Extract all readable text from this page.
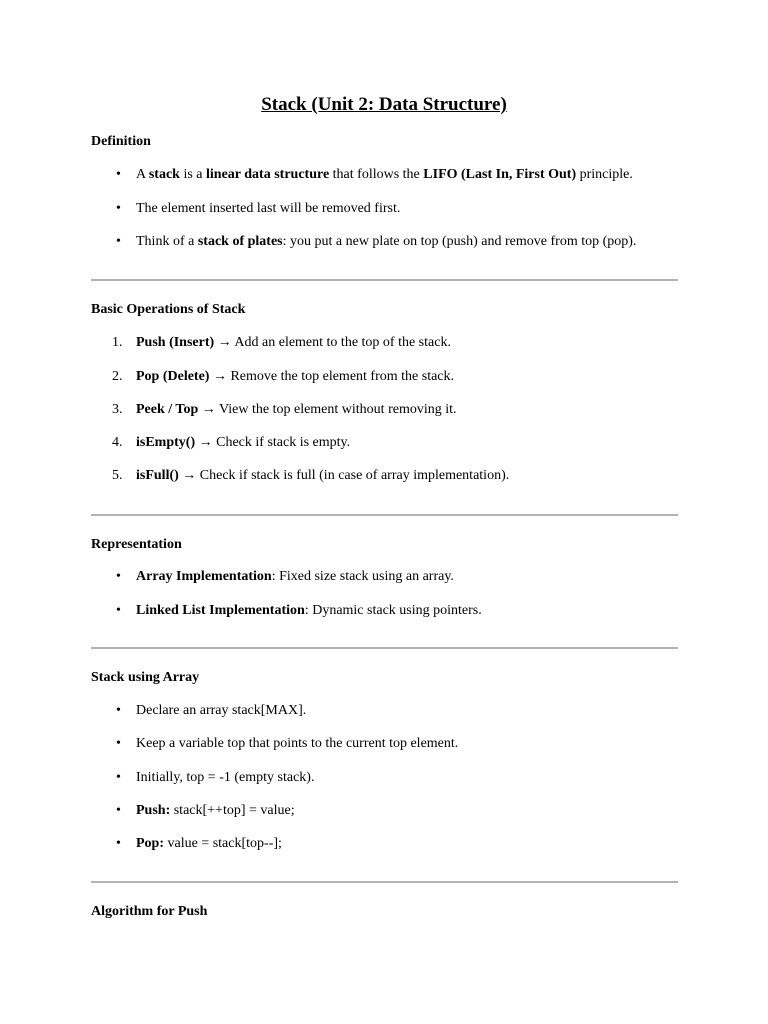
Stack (Unit 2: Data Structure)
Definition
• A stack is a linear data structure that follows the LIFO (Last In, First Out) principle.
• The element inserted last will be removed first.
• Think of a stack of plates: you put a new plate on top (push) and remove from top (pop).
Basic Operations of Stack
1. Push (Insert) → Add an element to the top of the stack.
2. Pop (Delete) → Remove the top element from the stack.
3. Peek / Top → View the top element without removing it.
4. isEmpty() → Check if stack is empty.
5. isFull() → Check if stack is full (in case of array implementation).
Representation
• Array Implementation: Fixed size stack using an array.
• Linked List Implementation: Dynamic stack using pointers.
Stack using Array
• Declare an array stack[MAX].
• Keep a variable top that points to the current top element.
• Initially, top = -1 (empty stack).
• Push: stack[++top] = value;
• Pop: value = stack[top--];
Algorithm for Push
